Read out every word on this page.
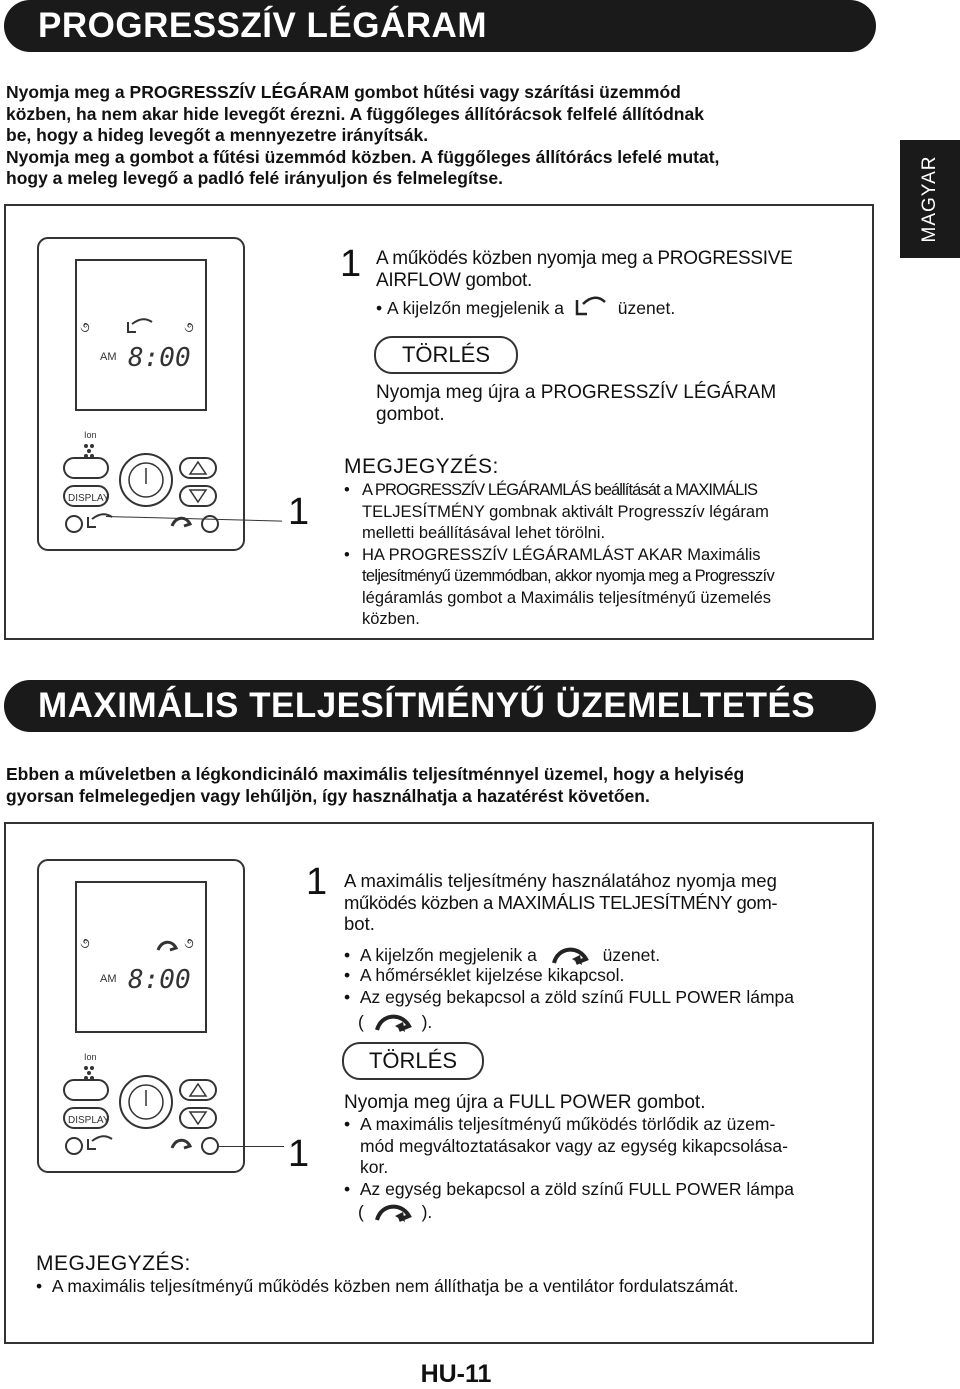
PROGRESSZÍV LÉGÁRAM
MAGYAR
Nyomja meg a PROGRESSZÍV LÉGÁRAM gombot hűtési vagy szárítási üzemmód
közben, ha nem akar hide levegőt érezni. A függőleges állítórácsok felfelé állítódnak
be, hogy a hideg levegőt a mennyezetre irányítsák.
Nyomja meg a gombot a fűtési üzemmód közben. A függőleges állítórács lefelé mutat,
hogy a meleg levegő a padló felé irányuljon és felmelegítse.
૭	૭
AM 8:00
Ion
DISPLAY	1
1 A működés közben nyomja meg a PROGRESSIVE
AIRFLOW gombot.
• A kijelzőn megjelenik a	üzenet.
TÖRLÉS
Nyomja meg újra a PROGRESSZÍV LÉGÁRAM
gombot.
MEGJEGYZÉS:
• A PROGRESSZÍV LÉGÁRAMLÁS beállítását a MAXIMÁLIS
TELJESÍTMÉNY gombnak aktivált Progresszív légáram
melletti beállításával lehet törölni.
• HA PROGRESSZÍV LÉGÁRAMLÁST AKAR Maximális
teljesítményű üzemmódban, akkor nyomja meg a Progresszív
légáramlás gombot a Maximális teljesítményű üzemelés
közben.
MAXIMÁLIS TELJESÍTMÉNYŰ ÜZEMELTETÉS
Ebben a műveletben a légkondicináló maximális teljesítménnyel üzemel, hogy a helyiség
gyorsan felmelegedjen vagy lehűljön, így használhatja a hazatérést követően.
૭	૭
AM 8:00
Ion
DISPLAY
1
1 A maximális teljesítmény használatához nyomja meg
működés közben a MAXIMÁLIS TELJESÍTMÉNY gom-
bot.
•  A kijelzőn megjelenik a	üzenet.
•  A hőmérséklet kijelzése kikapcsol.
•  Az egység bekapcsol a zöld színű FULL POWER lámpa
(	).
TÖRLÉS
Nyomja meg újra a FULL POWER gombot.
• A maximális teljesítményű működés törlődik az üzem-
mód megváltoztatásakor vagy az egység kikapcsolása-
kor.
•  Az egység bekapcsol a zöld színű FULL POWER lámpa
(	).
MEGJEGYZÉS:
•  A maximális teljesítményű működés közben nem állíthatja be a ventilátor fordulatszámát.
HU-11
